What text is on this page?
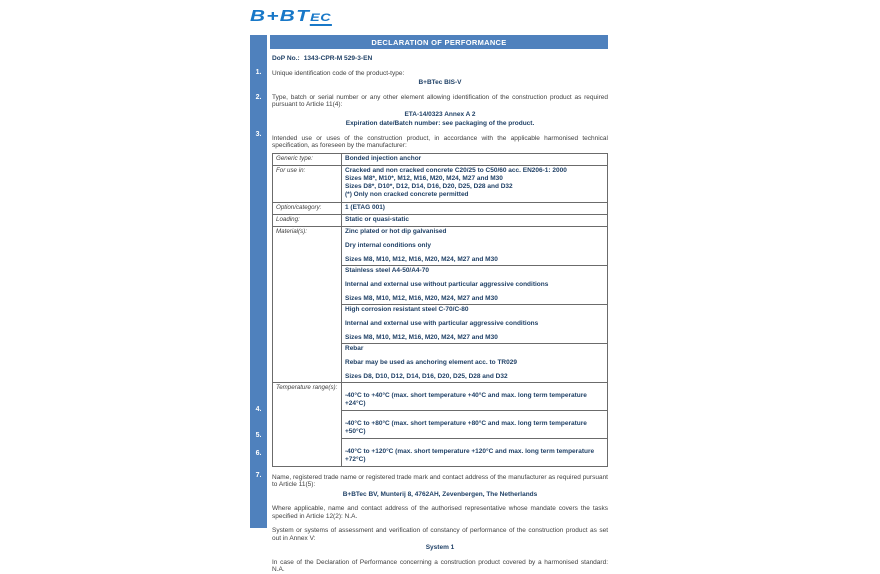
B+BTEC
DECLARATION OF PERFORMANCE
1.
2.
3.
4.
5.
6.
7.
DoP No.: 1343-CPR-M 529-3-EN
Unique identification code of the product-type:
B+BTec BIS-V
Type, batch or serial number or any other element allowing identification of the construction product as required pursuant to Article 11(4):
ETA-14/0323 Annex A 2
Expiration date/Batch number: see packaging of the product.
Intended use or uses of the construction product, in accordance with the applicable harmonised technical specification, as foreseen by the manufacturer:
Generic type:	Bonded injection anchor
For use in:	Cracked and non cracked concrete C20/25 to C50/60 acc. EN206-1: 2000
Sizes M8*, M10*, M12, M16, M20, M24, M27 and M30
Sizes D8*, D10*, D12, D14, D16, D20, D25, D28 and D32
(*) Only non cracked concrete permitted

Option/category:	1 (ETAG 001)
Loading:	Static or quasi-static
Material(s):	Zinc plated or hot dip galvanised
Dry internal conditions only
Sizes M8, M10, M12, M16, M20, M24, M27 and M30

	Stainless steel A4-50/A4-70
Internal and external use without particular aggressive conditions
Sizes M8, M10, M12, M16, M20, M24, M27 and M30

	High corrosion resistant steel C-70/C-80
Internal and external use with particular aggressive conditions
Sizes M8, M10, M12, M16, M20, M24, M27 and M30

	Rebar
Rebar may be used as anchoring element acc. to TR029
Sizes D8, D10, D12, D14, D16, D20, D25, D28 and D32

Temperature range(s):	-40°C to +40°C (max. short temperature +40°C and max. long term temperature +24°C)
	-40°C to +80°C (max. short temperature +80°C and max. long term temperature +50°C)
	-40°C to +120°C (max. short temperature +120°C and max. long term temperature +72°C)
Name, registered trade name or registered trade mark and contact address of the manufacturer as required pursuant to Article 11(5):
B+BTec BV, Munterij 8, 4762AH, Zevenbergen, The Netherlands
Where applicable, name and contact address of the authorised representative whose mandate covers the tasks specified in Article 12(2): N.A.
System or systems of assessment and verification of constancy of performance of the construction product as set out in Annex V:
System 1
In case of the Declaration of Performance concerning a construction product covered by a harmonised standard: N.A.
